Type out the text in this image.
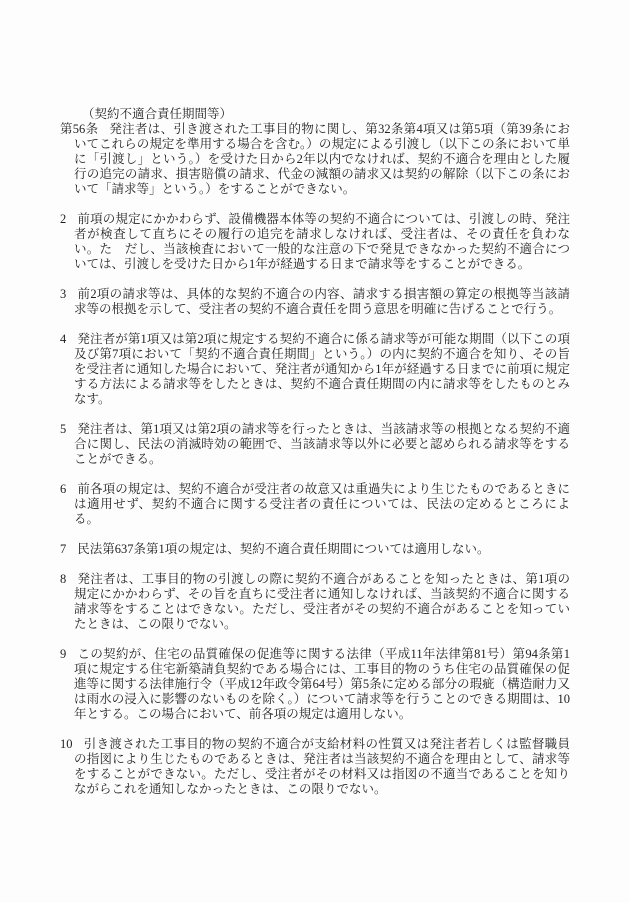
（契約不適合責任期間等）

第56条 発注者は、引き渡された工事目的物に関し、第32条第4項又は第5項（第39条においてこれらの規定を準用する場合を含む。）の規定による引渡し（以下この条において単に「引渡し」という。）を受けた日から2年以内でなければ、契約不適合を理由とした履行の追完の請求、損害賠償の請求、代金の減額の請求又は契約の解除（以下この条において「請求等」という。）をすることができない。

2 前項の規定にかかわらず、設備機器本体等の契約不適合については、引渡しの時、発注者が検査して直ちにその履行の追完を請求しなければ、受注者は、その責任を負わない。た　だし、当該検査において一般的な注意の下で発見できなかった契約不適合については、引渡しを受けた日から1年が経過する日まで請求等をすることができる。

3 前2項の請求等は、具体的な契約不適合の内容、請求する損害額の算定の根拠等当該請求等の根拠を示して、受注者の契約不適合責任を問う意思を明確に告げることで行う。

4 発注者が第1項又は第2項に規定する契約不適合に係る請求等が可能な期間（以下この項及び第7項において「契約不適合責任期間」という。）の内に契約不適合を知り、その旨を受注者に通知した場合において、発注者が通知から1年が経過する日までに前項に規定する方法による請求等をしたときは、契約不適合責任期間の内に請求等をしたものとみなす。

5 発注者は、第1項又は第2項の請求等を行ったときは、当該請求等の根拠となる契約不適合に関し、民法の消滅時効の範囲で、当該請求等以外に必要と認められる請求等をすることができる。

6 前各項の規定は、契約不適合が受注者の故意又は重過失により生じたものであるときには適用せず、契約不適合に関する受注者の責任については、民法の定めるところによる。

7 民法第637条第1項の規定は、契約不適合責任期間については適用しない。

8 発注者は、工事目的物の引渡しの際に契約不適合があることを知ったときは、第1項の規定にかかわらず、その旨を直ちに受注者に通知しなければ、当該契約不適合に関する請求等をすることはできない。ただし、受注者がその契約不適合があることを知っていたときは、この限りでない。

9 この契約が、住宅の品質確保の促進等に関する法律（平成11年法律第81号）第94条第1項に規定する住宅新築請負契約である場合には、工事目的物のうち住宅の品質確保の促進等に関する法律施行令（平成12年政令第64号）第5条に定める部分の瑕疵（構造耐力又は雨水の浸入に影響のないものを除く。）について請求等を行うことのできる期間は、10年とする。この場合において、前各項の規定は適用しない。

10 引き渡された工事目的物の契約不適合が支給材料の性質又は発注者若しくは監督職員の指図により生じたものであるときは、発注者は当該契約不適合を理由として、請求等をすることができない。ただし、受注者がその材料又は指図の不適当であることを知りながらこれを通知しなかったときは、この限りでない。
